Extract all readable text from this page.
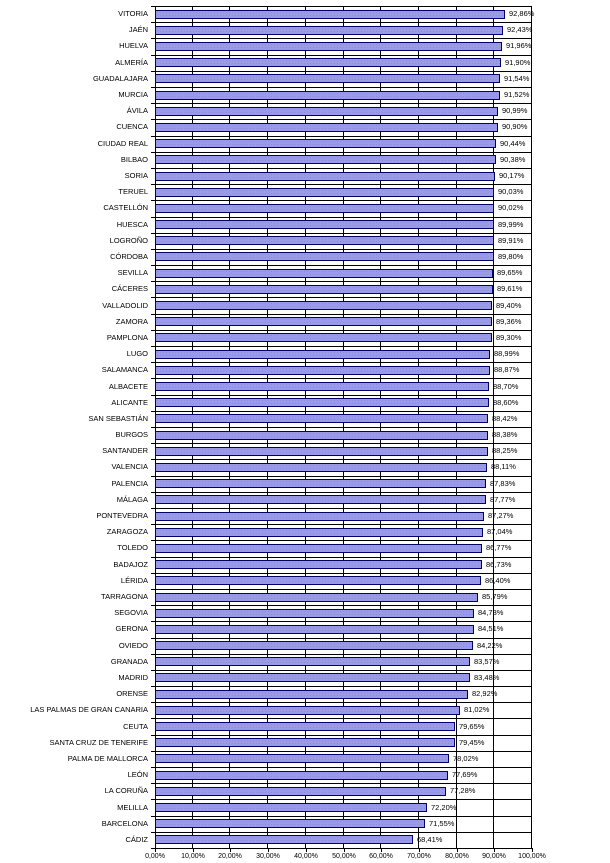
VITORIA
JAÉN
HUELVA
ALMERÍA
GUADALAJARA
MURCIA
ÁVILA
CUENCA
CIUDAD REAL
BILBAO
SORIA
TERUEL
CASTELLÓN
HUESCA
LOGROÑO
CÓRDOBA
SEVILLA
CÁCERES
VALLADOLID
ZAMORA
PAMPLONA
LUGO
SALAMANCA
ALBACETE
ALICANTE
SAN SEBASTIÁN
BURGOS
SANTANDER
VALENCIA
PALENCIA
MÁLAGA
PONTEVEDRA
ZARAGOZA
TOLEDO
BADAJOZ
LÉRIDA
TARRAGONA
SEGOVIA
GERONA
OVIEDO
GRANADA
MADRID
ORENSE
LAS PALMAS DE GRAN CANARIA
CEUTA
SANTA CRUZ DE TENERIFE
PALMA DE MALLORCA
LEÓN
LA CORUÑA
MELILLA
BARCELONA
CÁDIZ
92,86%
92,43%
91,96%
91,90%
91,54%
91,52%
90,99%
90,90%
90,44%
90,38%
90,17%
90,03%
90,02%
89,99%
89,91%
89,80%
89,65%
89,61%
89,40%
89,36%
89,30%
88,99%
88,87%
88,70%
88,60%
88,42%
88,38%
88,25%
88,11%
87,83%
87,77%
87,27%
87,04%
86,77%
86,73%
86,40%
85,79%
84,73%
84,51%
84,22%
83,57%
83,48%
82,92%
81,02%
79,65%
79,45%
78,02%
77,69%
77,28%
72,20%
71,55%
68,41%
0,00% 10,00% 20,00% 30,00% 40,00% 50,00% 60,00% 70,00% 80,00% 90,00% 100,00%
